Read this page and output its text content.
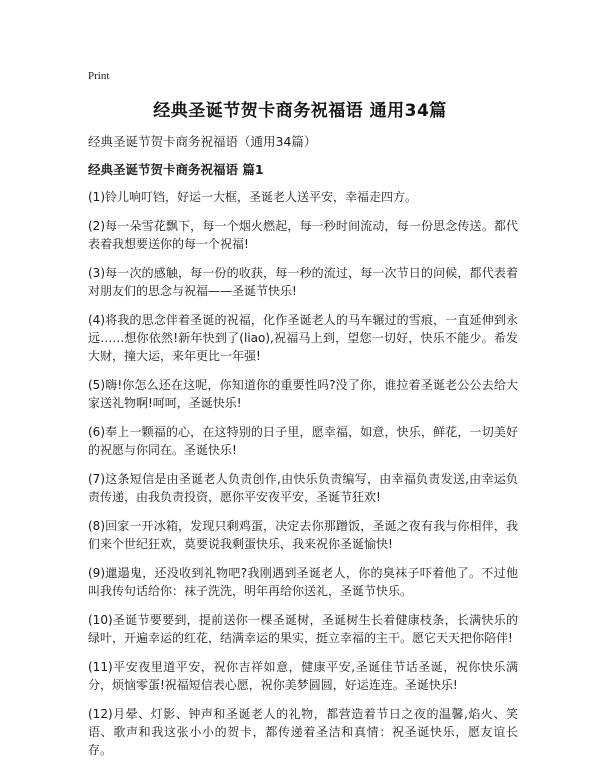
Print
经典圣诞节贺卡商务祝福语 通用34篇
经典圣诞节贺卡商务祝福语（通用34篇）
经典圣诞节贺卡商务祝福语 篇1

(1)铃儿响叮铛，好运一大框，圣诞老人送平安，幸福走四方。

(2)每一朵雪花飘下，每一个烟火燃起，每一秒时间流动，每一份思念传送。都代表着我想要送你的每一个祝福!

(3)每一次的感触，每一份的收获，每一秒的流过，每一次节日的问候，都代表着对朋友们的思念与祝福——圣诞节快乐!

(4)将我的思念伴着圣诞的祝福，化作圣诞老人的马车辗过的雪痕，一直延伸到永远……想你依然!新年快到了(liao),祝福马上到，望您一切好，快乐不能少。希发大财，撞大运，来年更比一年强!

(5)嗨!你怎么还在这呢，你知道你的重要性吗?没了你，谁拉着圣诞老公公去给大家送礼物啊!呵呵，圣诞快乐!

(6)奉上一颗福的心，在这特别的日子里，愿幸福，如意，快乐，鲜花，一切美好的祝愿与你同在。圣诞快乐!

(7)这条短信是由圣诞老人负责创作,由快乐负责编写，由幸福负责发送,由幸运负责传递，由我负责投资，愿你平安夜平安，圣诞节狂欢!

(8)回家一开冰箱，发现只剩鸡蛋，决定去你那蹭饭，圣诞之夜有我与你相伴，我们来个世纪狂欢，莫要说我剩蛋快乐，我来祝你圣诞愉快!

(9)邋遢鬼，还没收到礼物吧?我刚遇到圣诞老人，你的臭袜子吓着他了。不过他叫我传句话给你：袜子洗洗，明年再给你送礼，圣诞节快乐。

(10)圣诞节要要到，提前送你一棵圣诞树，圣诞树生长着健康枝条，长满快乐的绿叶，开遍幸运的红花，结满幸运的果实，挺立幸福的主干。愿它天天把你陪伴!

(11)平安夜里道平安，祝你吉祥如意，健康平安,圣诞佳节话圣诞，祝你快乐满分，烦恼零蛋!祝福短信表心愿，祝你美梦圆圆，好运连连。圣诞快乐!

(12)月晕、灯影、钟声和圣诞老人的礼物，都营造着节日之夜的温馨,焰火、笑语、歌声和我这张小小的贺卡，都传递着圣洁和真情：祝圣诞快乐，愿友谊长存。
